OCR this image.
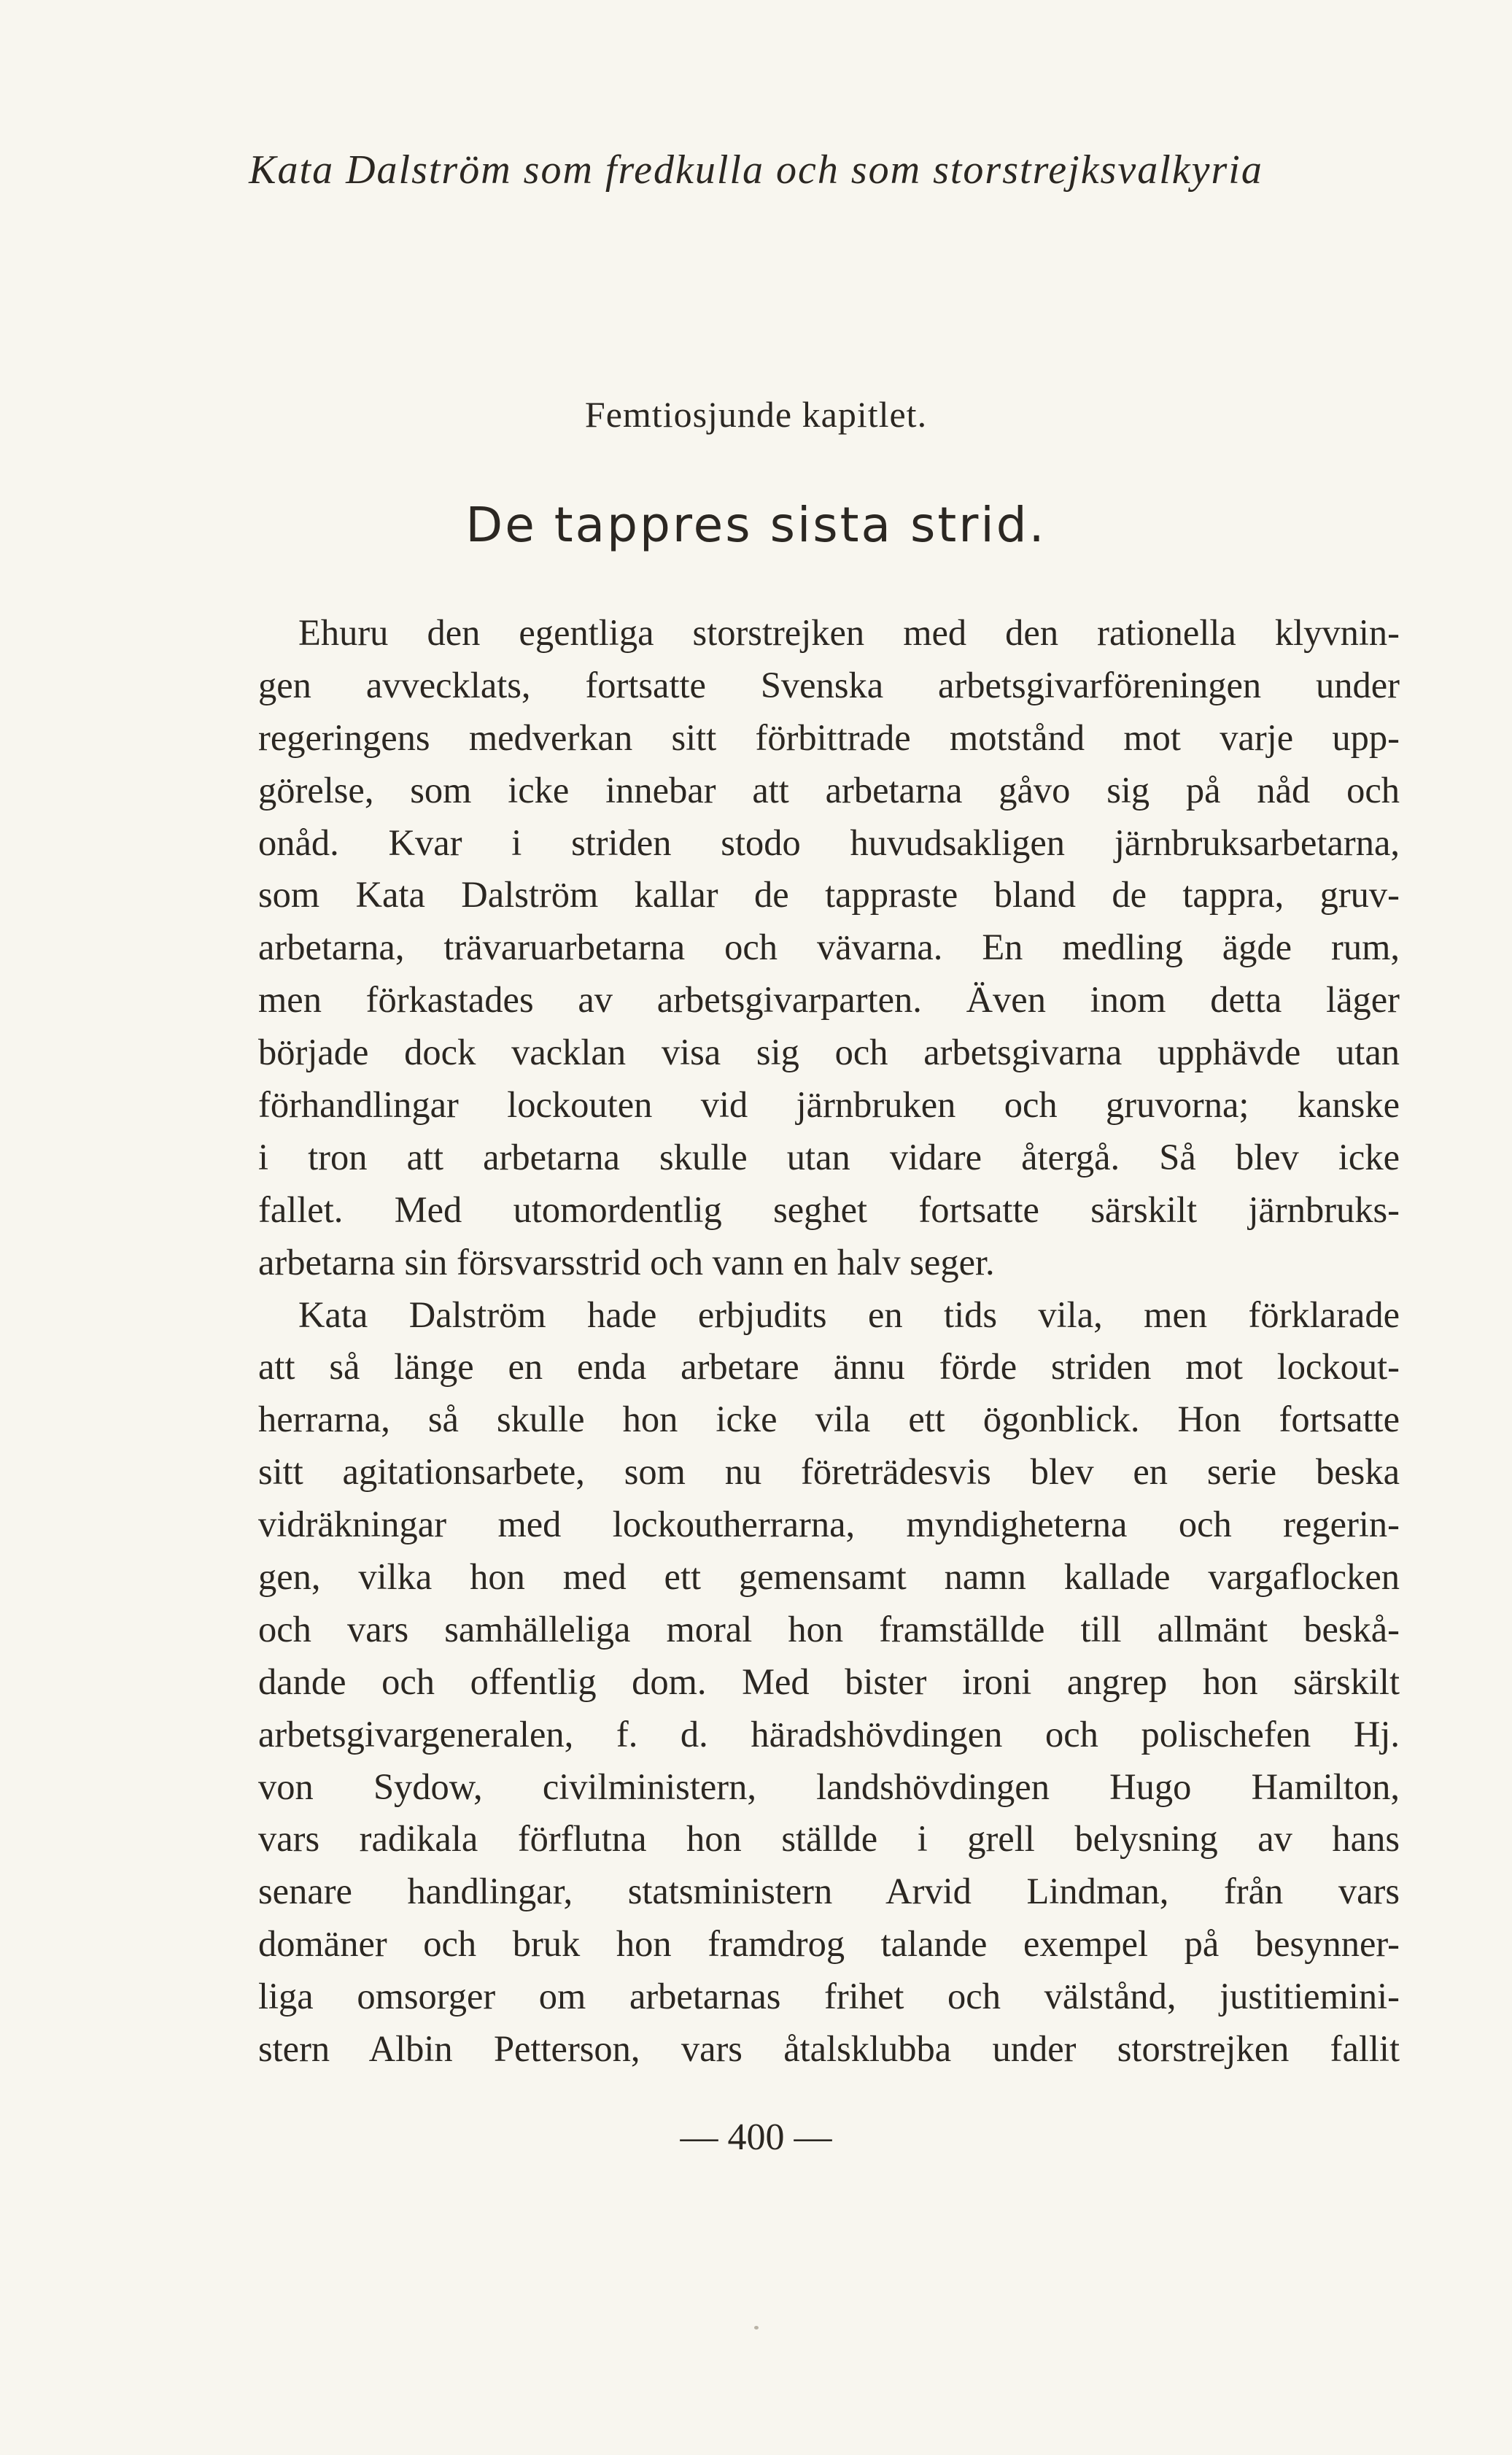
Kata Dalström som fredkulla och som storstrejksvalkyria
Femtiosjunde kapitlet.
De tappres sista strid.
Ehuru den egentliga storstrejken med den rationella klyvnin-
gen avvecklats, fortsatte Svenska arbetsgivarföreningen under
regeringens medverkan sitt förbittrade motstånd mot varje upp-
görelse, som icke innebar att arbetarna gåvo sig på nåd och
onåd. Kvar i striden stodo huvudsakligen järnbruksarbetarna,
som Kata Dalström kallar de tappraste bland de tappra, gruv-
arbetarna, trävaruarbetarna och vävarna. En medling ägde rum,
men förkastades av arbetsgivarparten. Även inom detta läger
började dock vacklan visa sig och arbetsgivarna upphävde utan
förhandlingar lockouten vid järnbruken och gruvorna; kanske
i tron att arbetarna skulle utan vidare återgå. Så blev icke
fallet. Med utomordentlig seghet fortsatte särskilt järnbruks-
arbetarna sin försvarsstrid och vann en halv seger.
Kata Dalström hade erbjudits en tids vila, men förklarade
att så länge en enda arbetare ännu förde striden mot lockout-
herrarna, så skulle hon icke vila ett ögonblick. Hon fortsatte
sitt agitationsarbete, som nu företrädesvis blev en serie beska
vidräkningar med lockoutherrarna, myndigheterna och regerin-
gen, vilka hon med ett gemensamt namn kallade vargaflocken
och vars samhälleliga moral hon framställde till allmänt beskå-
dande och offentlig dom. Med bister ironi angrep hon särskilt
arbetsgivargeneralen, f. d. häradshövdingen och polischefen Hj.
von Sydow, civilministern, landshövdingen Hugo Hamilton,
vars radikala förflutna hon ställde i grell belysning av hans
senare handlingar, statsministern Arvid Lindman, från vars
domäner och bruk hon framdrog talande exempel på besynner-
liga omsorger om arbetarnas frihet och välstånd, justitiemini-
stern Albin Petterson, vars åtalsklubba under storstrejken fallit
— 400 —
